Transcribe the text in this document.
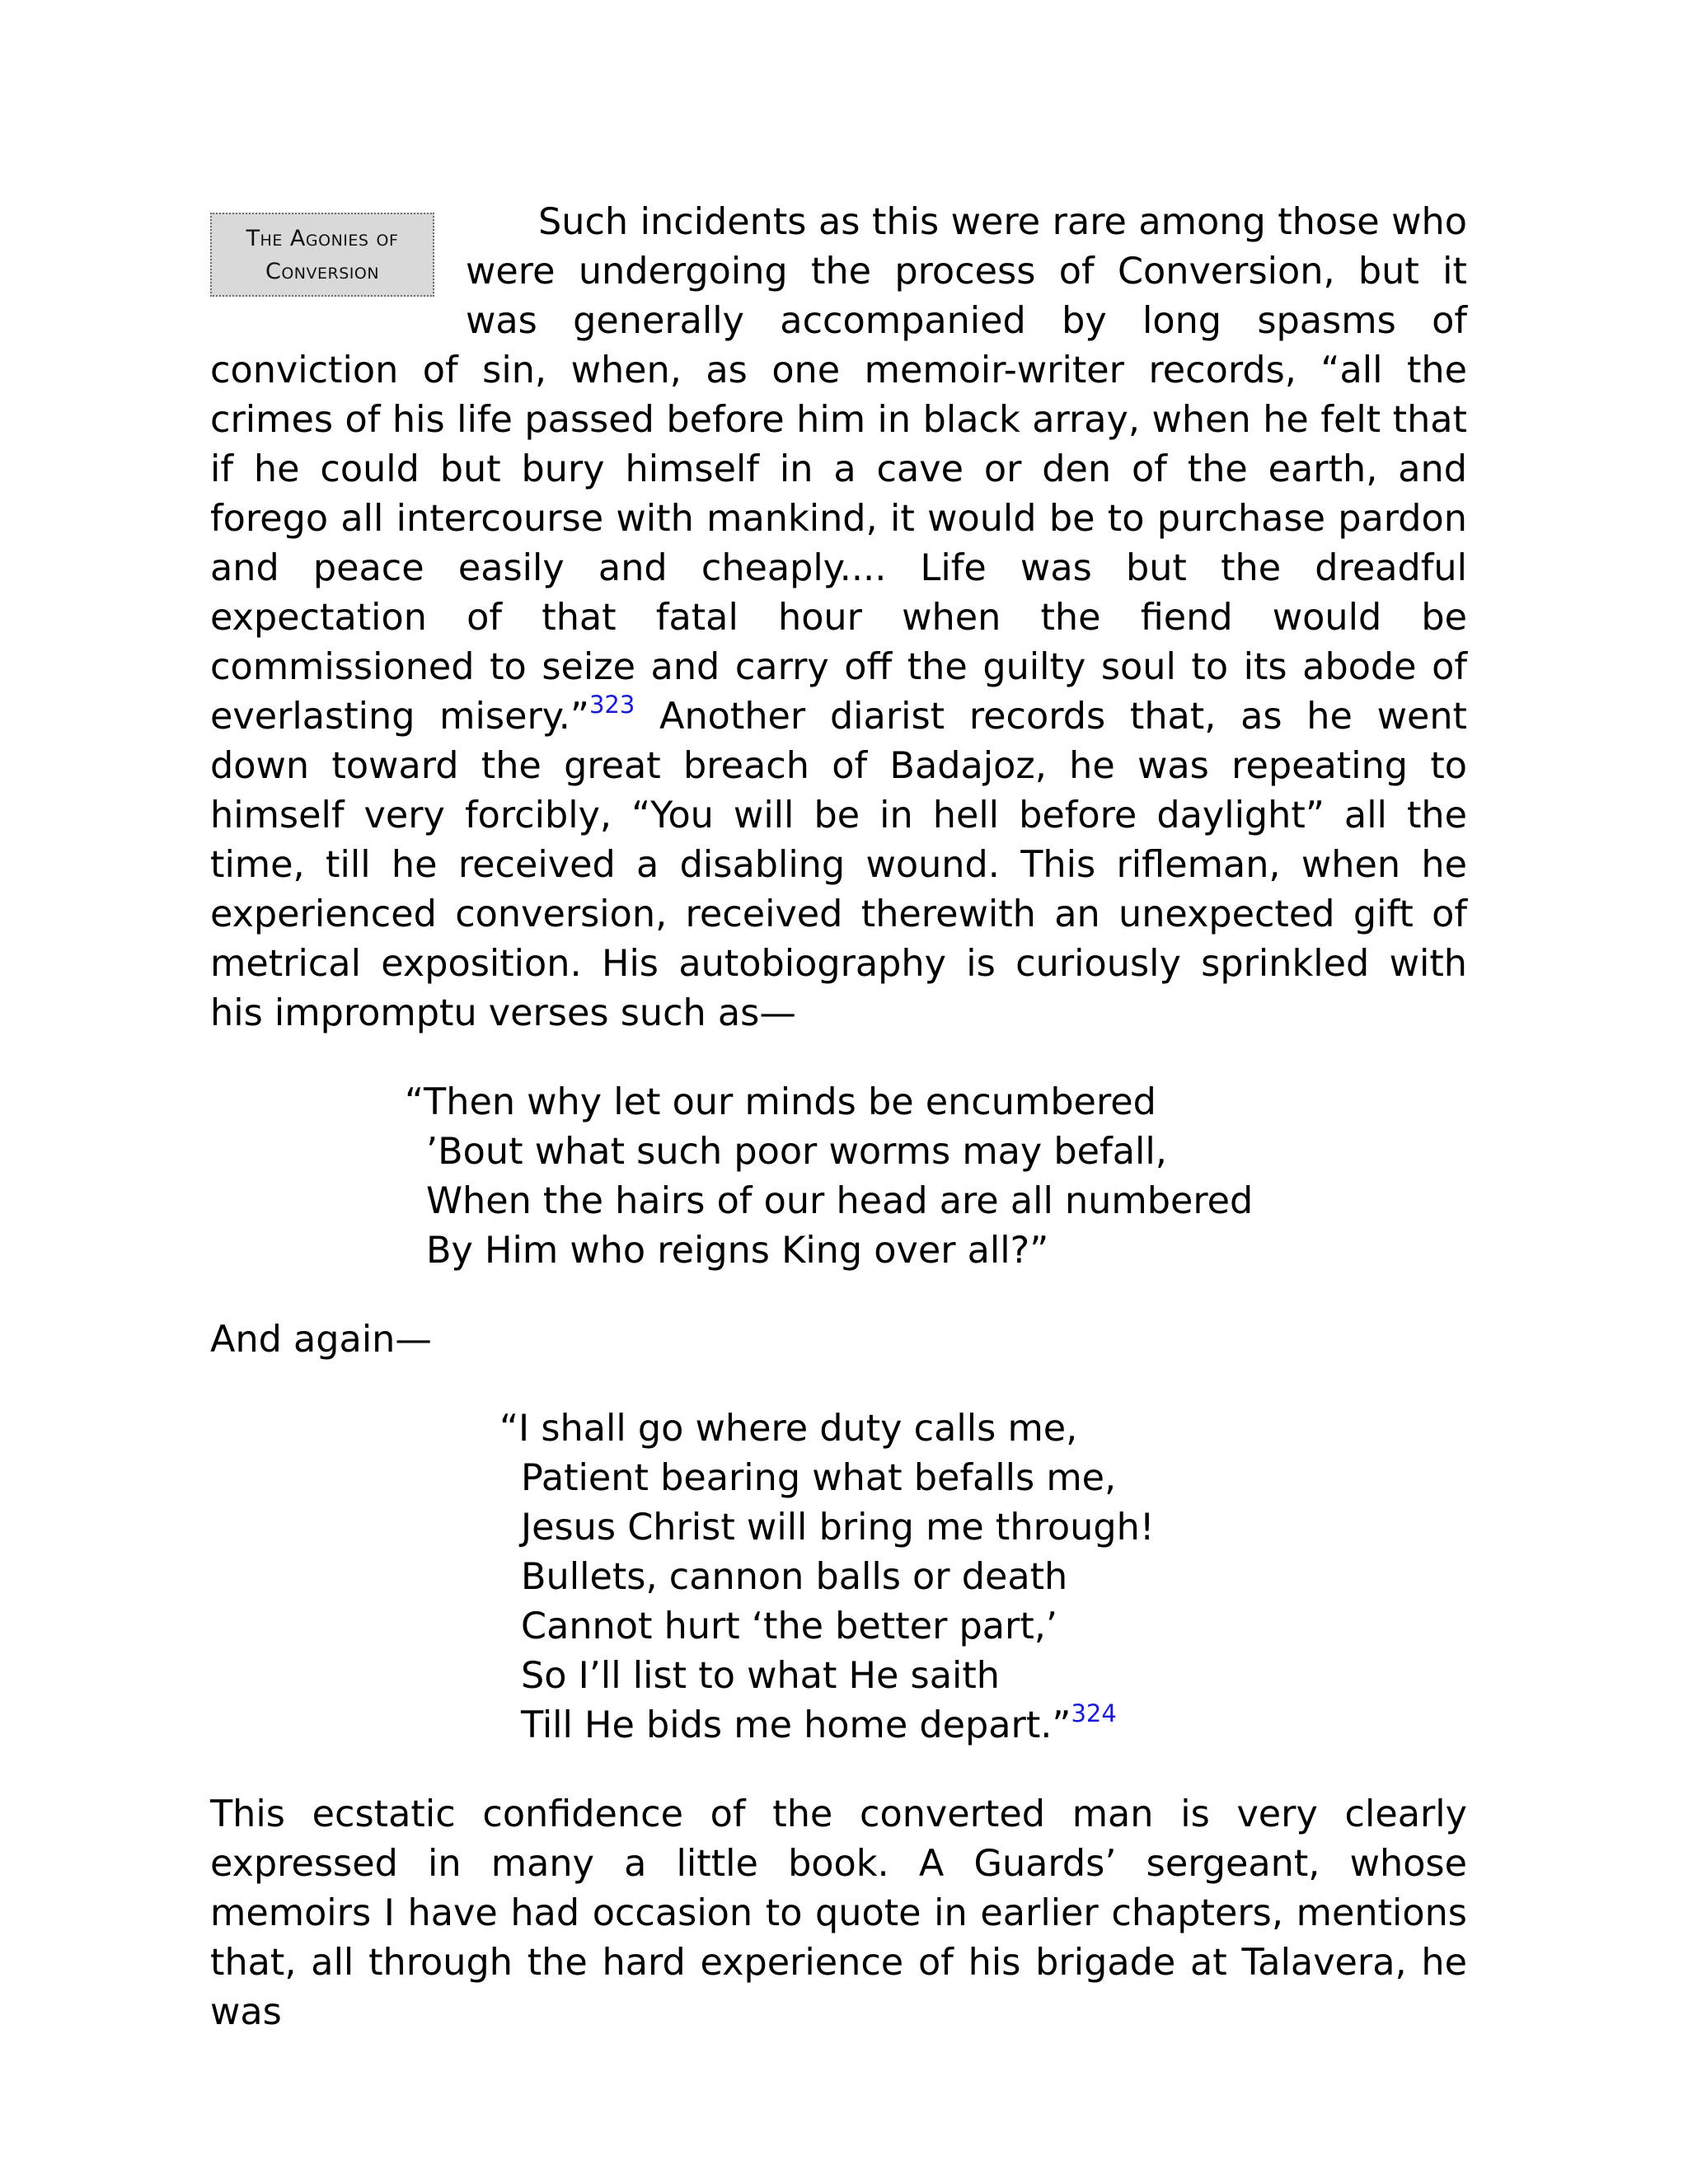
The Agonies of
Conversion

Such incidents as this were rare among those who were undergoing the process of Conversion, but it was generally accompanied by long spasms of conviction of sin, when, as one memoir-writer records, “all the crimes of his life passed before him in black array, when he felt that if he could but bury himself in a cave or den of the earth, and forego all intercourse with mankind, it would be to purchase pardon and peace easily and cheaply.... Life was but the dreadful expectation of that fatal hour when the fiend would be commissioned to seize and carry off the guilty soul to its abode of everlasting misery.”$^{323}$ Another diarist records that, as he went down toward the great breach of Badajoz, he was repeating to himself very forcibly, “You will be in hell before daylight” all the time, till he received a disabling wound. This rifleman, when he experienced conversion, received therewith an unexpected gift of metrical exposition. His autobiography is curiously sprinkled with his impromptu verses such as—

“Then why let our minds be encumbered
’Bout what such poor worms may befall,
When the hairs of our head are all numbered
By Him who reigns King over all?”

And again—

“I shall go where duty calls me,
Patient bearing what befalls me,
Jesus Christ will bring me through!
Bullets, cannon balls or death
Cannot hurt ‘the better part,’
So I’ll list to what He saith
Till He bids me home depart.”$^{324}$

This ecstatic confidence of the converted man is very clearly expressed in many a little book. A Guards’ sergeant, whose memoirs I have had occasion to quote in earlier chapters, mentions that, all through the hard experience of his brigade at Talavera, he was
